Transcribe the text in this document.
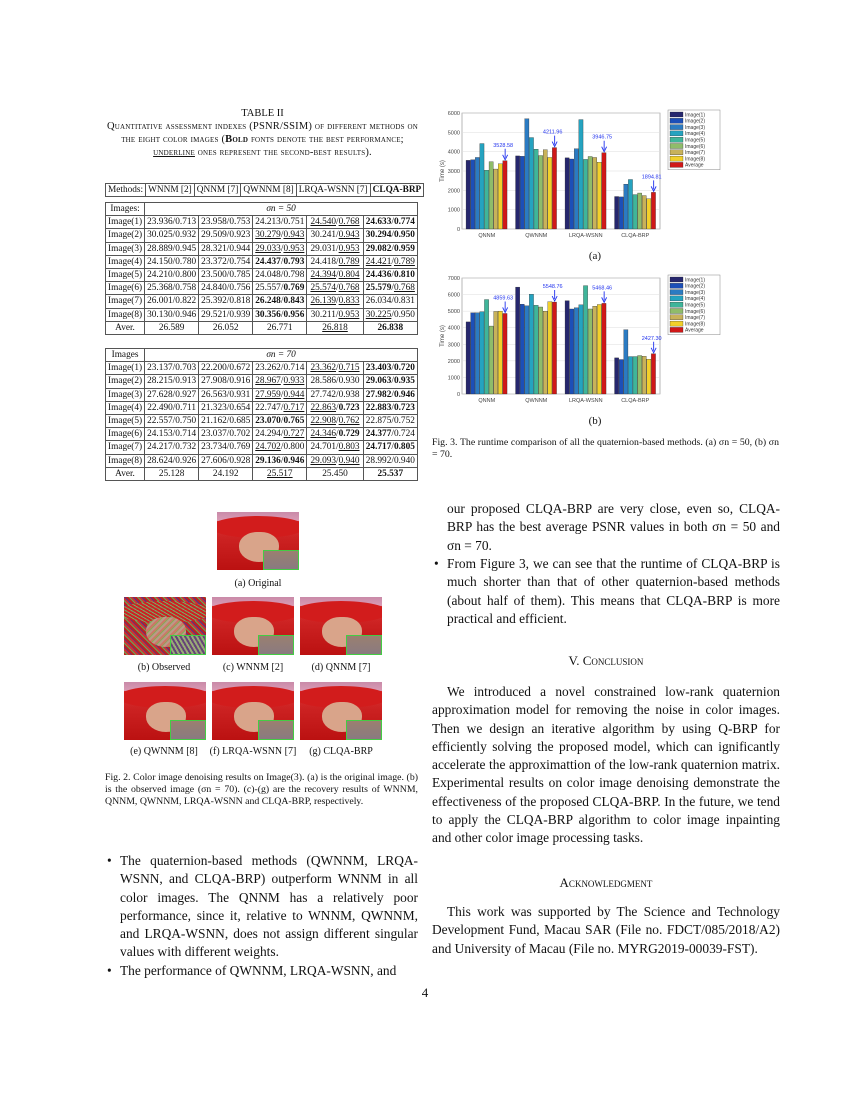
TABLE II
Quantitative assessment indexes (PSNR/SSIM) of different methods on the eight color images (Bold fonts denote the best performance; underline ones represent the second-best results).
Methods:	WNNM [2]	QNNM [7]	QWNNM [8]	LRQA-WSNN [7]	CLQA-BRP
Images:	σn = 50				
Image(1)	23.936/0.713	23.958/0.753	24.213/0.751	24.540/0.768	24.633/0.774
Image(2)	30.025/0.932	29.509/0.923	30.279/0.943	30.241/0.943	30.294/0.950
Image(3)	28.889/0.945	28.321/0.944	29.033/0.953	29.031/0.953	29.082/0.959
Image(4)	24.150/0.780	23.372/0.754	24.437/0.793	24.418/0.789	24.421/0.789
Image(5)	24.210/0.800	23.500/0.785	24.048/0.798	24.394/0.804	24.436/0.810
Image(6)	25.368/0.758	24.840/0.756	25.557/0.769	25.574/0.768	25.579/0.768
Image(7)	26.001/0.822	25.392/0.818	26.248/0.843	26.139/0.833	26.034/0.831
Image(8)	30.130/0.946	29.521/0.939	30.356/0.956	30.211/0.953	30.225/0.950
Aver.	26.589	26.052	26.771	26.818	26.838
Images	σn = 70				
Image(1)	23.137/0.703	22.200/0.672	23.262/0.714	23.362/0.715	23.403/0.720
Image(2)	28.215/0.913	27.908/0.916	28.967/0.933	28.586/0.930	29.063/0.935
Image(3)	27.628/0.927	26.563/0.931	27.959/0.944	27.742/0.938	27.982/0.946
Image(4)	22.490/0.711	21.323/0.654	22.747/0.717	22.863/0.723	22.883/0.723
Image(5)	22.557/0.750	21.162/0.685	23.070/0.765	22.908/0.762	22.875/0.752
Image(6)	24.153/0.714	23.037/0.702	24.294/0.727	24.346/0.729	24.377/0.724
Image(7)	24.217/0.732	23.734/0.769	24.702/0.800	24.701/0.803	24.717/0.805
Image(8)	28.624/0.926	27.606/0.928	29.136/0.946	29.093/0.940	28.992/0.940
Aver.	25.128	24.192	25.517	25.450	25.537
(a) Original
(b) Observed	(c) WNNM [2]	(d) QNNM [7]
(e) QWNNM [8]	(f) LRQA-WSNN [7]	(g) CLQA-BRP
Fig. 2. Color image denoising results on Image(3). (a) is the original image. (b) is the observed image (σn = 70). (c)-(g) are the recovery results of WNNM, QNNM, QWNNM, LRQA-WSNN and CLQA-BRP, respectively.
• The quaternion-based methods (QWNNM, LRQA-WSNN, and CLQA-BRP) outperform WNNM in all color images. The QNNM has a relatively poor performance, since it, relative to WNNM, QWNNM, and LRQA-WSNN, does not assign different singular values with different weights.
• The performance of QWNNM, LRQA-WSNN, and
0
1000
2000
3000
4000
5000
6000
Time (s)
QNNM
3528.58
QWNNM
4211.96
LRQA-WSNN
3946.75
CLQA-BRP
1894.81
Image(1)
Image(2)
Image(3)
Image(4)
Image(5)
Image(6)
Image(7)
Image(8)
Average
(a)
0
1000
2000
3000
4000
5000
6000
7000
Time (s)
QNNM
4859.63
QWNNM
5548.76
LRQA-WSNN
5468.46
CLQA-BRP
2427.30
Image(1)
Image(2)
Image(3)
Image(4)
Image(5)
Image(6)
Image(7)
Image(8)
Average
(b)
Fig. 3. The runtime comparison of all the quaternion-based methods. (a) σn = 50, (b) σn = 70.
our proposed CLQA-BRP are very close, even so, CLQA-BRP has the best average PSNR values in both σn = 50 and σn = 70.
• From Figure 3, we can see that the runtime of CLQA-BRP is much shorter than that of other quaternion-based methods (about half of them). This means that CLQA-BRP is more practical and efficient.
V. Conclusion
We introduced a novel constrained low-rank quaternion approximation model for removing the noise in color images. Then we design an iterative algorithm by using Q-BRP for efficiently solving the proposed model, which can ignificantly accelerate the approximattion of the low-rank quaternion matrix. Experimental results on color image denoising demonstrate the effectiveness of the proposed CLQA-BRP. In the future, we tend to apply the CLQA-BRP algorithm to color image inpainting and other color image processing tasks.
Acknowledgment
This work was supported by The Science and Technology Development Fund, Macau SAR (File no. FDCT/085/2018/A2) and University of Macau (File no. MYRG2019-00039-FST).
4
